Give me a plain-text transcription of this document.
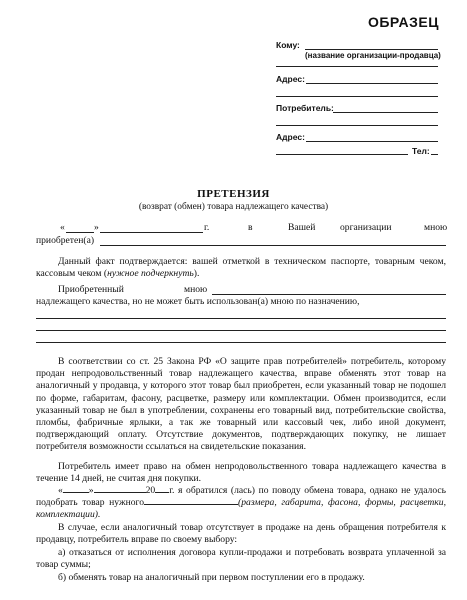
ОБРАЗЕЦ
Кому:
(название организации-продавца)
Адрес:
Потребитель:
Адрес:
Тел:
ПРЕТЕНЗИЯ
(возврат (обмен) товара надлежащего качества)
«	»	г.	в	Вашей	организации	мною
приобретен(а)
Данный факт подтверждается: вашей отметкой в техническом паспорте, товарным чеком, кассовым чеком (нужное подчеркнуть).
Приобретенный	мною
надлежащего качества, но не может быть использован(а) мною по назначению,
В соответствии со ст. 25 Закона РФ «О защите прав потребителей» потребитель, которому продан непродовольственный товар надлежащего качества, вправе обменять этот товар на аналогичный у продавца, у которого этот товар был приобретен, если указанный товар не подошел по форме, габаритам, фасону, расцветке, размеру или комплектации. Обмен производится, если указанный товар не был в употреблении, сохранены его товарный вид, потребительские свойства, пломбы, фабричные ярлыки, а так же товарный или кассовый чек, либо иной документ, подтверждающий оплату. Отсутствие документов, подтверждающих покупку, не лишает потребителя возможности ссылаться на свидетельские показания.
Потребитель имеет право на обмен непродовольственного товара надлежащего качества в течение 14 дней, не считая дня покупки.
«	»	20 г. я обратился (лась) по поводу обмена товара, однако не удалось подобрать товар нужного	(размера, габарита, фасона, формы, расцветки, комплектации).
В случае, если аналогичный товар отсутствует в продаже на день обращения потребителя к продавцу, потребитель вправе по своему выбору:
а) отказаться от исполнения договора купли-продажи и потребовать возврата уплаченной за товар суммы;
б) обменять товар на аналогичный при первом поступлении его в продажу.
